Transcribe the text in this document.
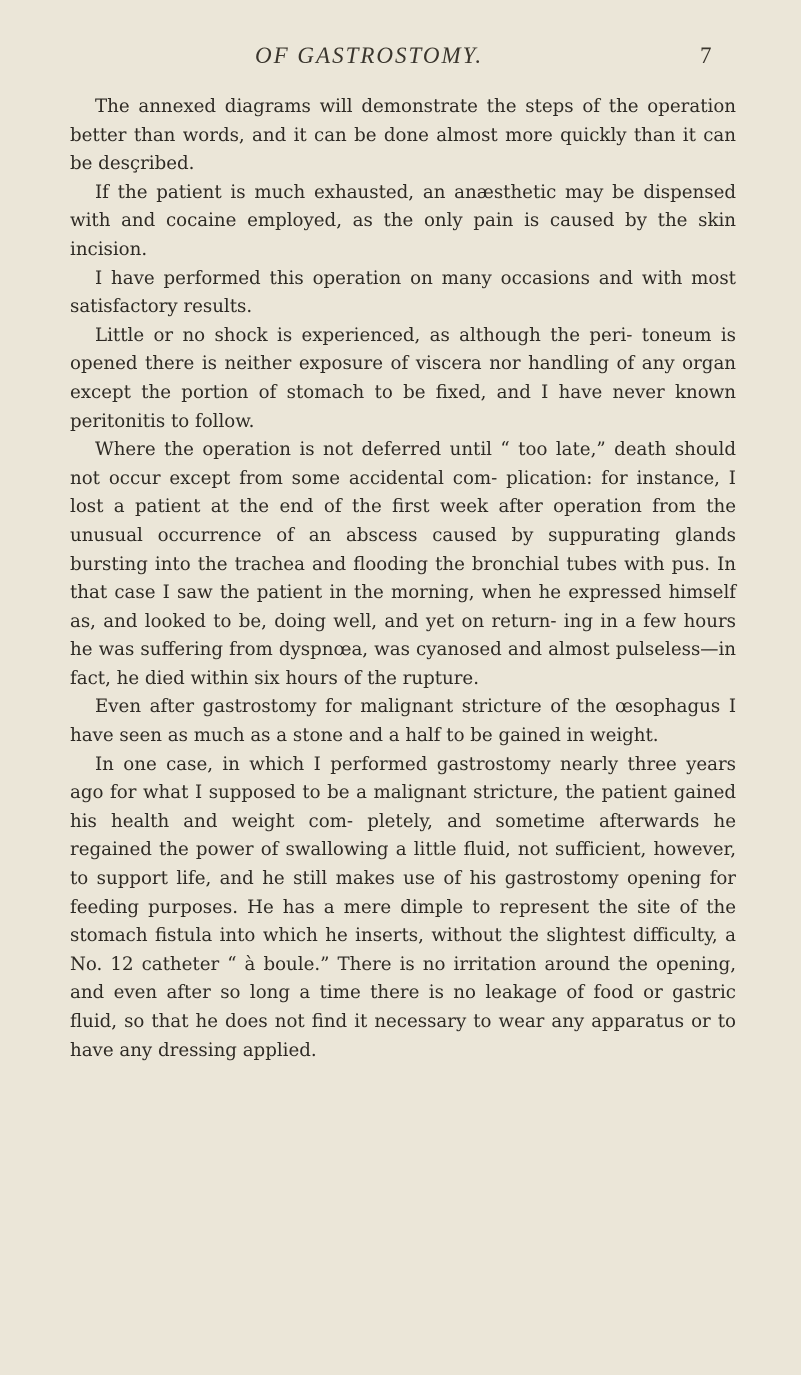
OF GASTROSTOMY.	7

The annexed diagrams will demonstrate the steps of the operation better than words, and it can be done almost more quickly than it can be desçribed.

If the patient is much exhausted, an anæsthetic may be dispensed with and cocaine employed, as the only pain is caused by the skin incision.

I have performed this operation on many occasions and with most satisfactory results.

Little or no shock is experienced, as although the peri- toneum is opened there is neither exposure of viscera nor handling of any organ except the portion of stomach to be fixed, and I have never known peritonitis to follow.

Where the operation is not deferred until “ too late,” death should not occur except from some accidental com- plication: for instance, I lost a patient at the end of the first week after operation from the unusual occurrence of an abscess caused by suppurating glands bursting into the trachea and flooding the bronchial tubes with pus. In that case I saw the patient in the morning, when he expressed himself as, and looked to be, doing well, and yet on return- ing in a few hours he was suffering from dyspnœa, was cyanosed and almost pulseless—in fact, he died within six hours of the rupture.

Even after gastrostomy for malignant stricture of the œsophagus I have seen as much as a stone and a half to be gained in weight.

In one case, in which I performed gastrostomy nearly three years ago for what I supposed to be a malignant stricture, the patient gained his health and weight com- pletely, and sometime afterwards he regained the power of swallowing a little fluid, not sufficient, however, to support life, and he still makes use of his gastrostomy opening for feeding purposes. He has a mere dimple to represent the site of the stomach fistula into which he inserts, without the slightest difficulty, a No. 12 catheter “ à boule.” There is no irritation around the opening, and even after so long a time there is no leakage of food or gastric fluid, so that he does not find it necessary to wear any apparatus or to have any dressing applied.
